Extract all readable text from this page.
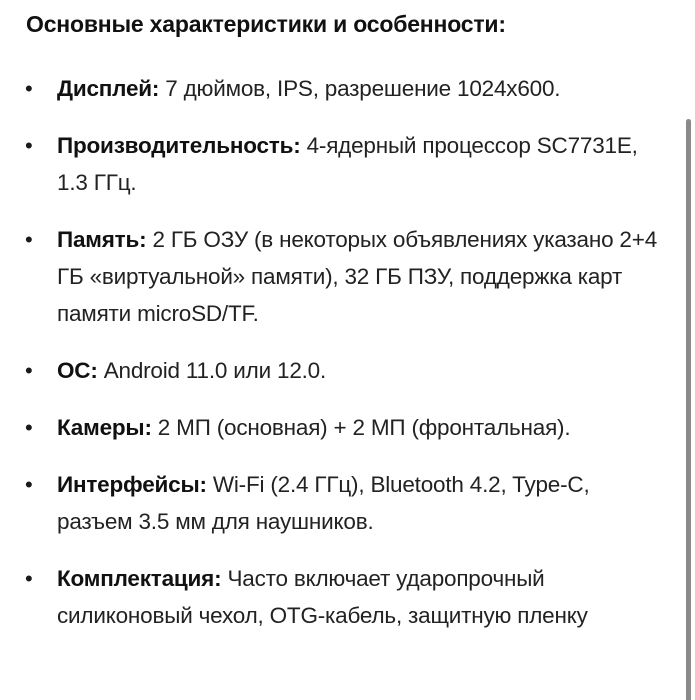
Основные характеристики и особенности:
• Дисплей: 7 дюймов, IPS, разрешение 1024x600.
• Производительность: 4-ядерный процессор SC7731E, 1.3 ГГц.
• Память: 2 ГБ ОЗУ (в некоторых объявлениях указано 2+4 ГБ «виртуальной» памяти), 32 ГБ ПЗУ, поддержка карт памяти microSD/TF.
• ОС: Android 11.0 или 12.0.
• Камеры: 2 МП (основная) + 2 МП (фронтальная).
• Интерфейсы: Wi-Fi (2.4 ГГц), Bluetooth 4.2, Type-C, разъем 3.5 мм для наушников.
• Комплектация: Часто включает ударопрочный силиконовый чехол, OTG-кабель, защитную пленку
